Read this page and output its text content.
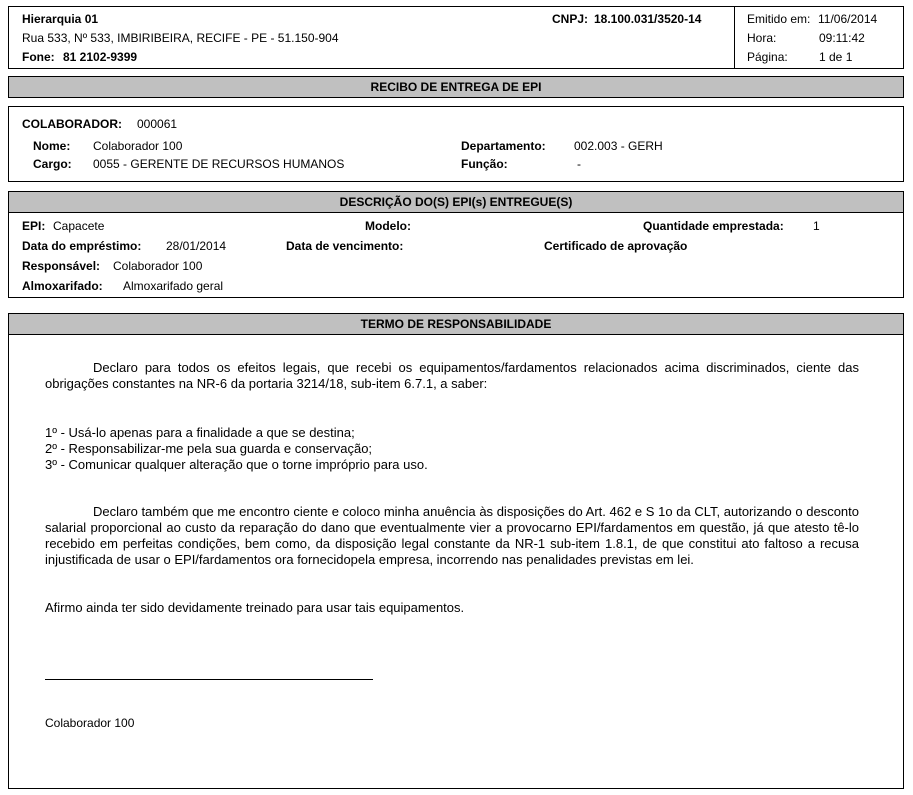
Hierarquia 01
Rua 533, Nº 533, IMBIRIBEIRA, RECIFE - PE - 51.150-904
Fone: 81 2102-9399
CNPJ: 18.100.031/3520-14	Emitido em: 11/06/2014
Hora:	09:11:42
Página:	1 de 1
RECIBO DE ENTREGA DE EPI
COLABORADOR: 000061
Nome: Colaborador 100
Cargo: 0055 - GERENTE DE RECURSOS HUMANOS
Departamento: 002.003 - GERH
Função:	-
DESCRIÇÃO DO(S) EPI(s) ENTREGUE(S)
EPI: Capacete	Modelo:	Quantidade emprestada: 1
Data do empréstimo: 28/01/2014	Data de vencimento:	Certificado de aprovação
Responsável: Colaborador 100
Almoxarifado: Almoxarifado geral
TERMO DE RESPONSABILIDADE
Declaro para todos os efeitos legais, que recebi os equipamentos/fardamentos relacionados acima discriminados, ciente das obrigações constantes na NR-6 da portaria 3214/18, sub-item 6.7.1, a saber:
1º - Usá-lo apenas para a finalidade a que se destina;
2º - Responsabilizar-me pela sua guarda e conservação;
3º - Comunicar qualquer alteração que o torne impróprio para uso.
Declaro também que me encontro ciente e coloco minha anuência às disposições do Art. 462 e S 1o da CLT, autorizando o desconto salarial proporcional ao custo da reparação do dano que eventualmente vier a provocarno EPI/fardamentos em questão, já que atesto tê-lo recebido em perfeitas condições, bem como, da disposição legal constante da NR-1 sub-item 1.8.1, de que constitui ato faltoso a recusa injustificada de usar o EPI/fardamentos ora fornecidopela empresa, incorrendo nas penalidades previstas em lei.
Afirmo ainda ter sido devidamente treinado para usar tais equipamentos.
Colaborador 100
